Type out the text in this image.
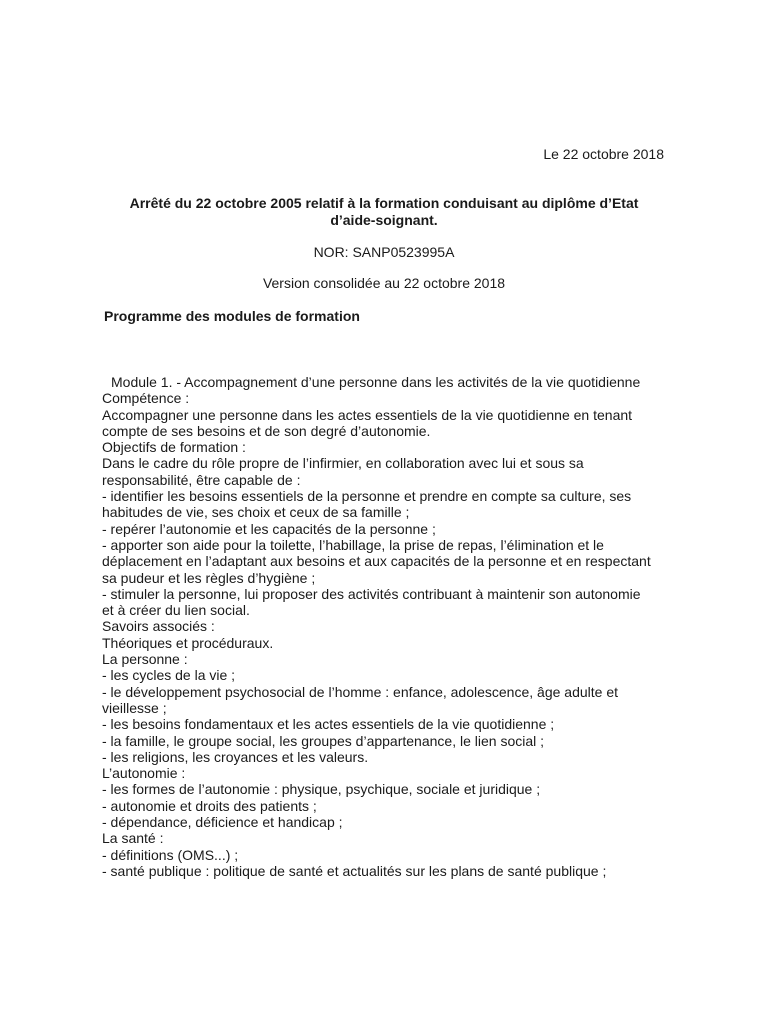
Le 22 octobre 2018
Arrêté du 22 octobre 2005 relatif à la formation conduisant au diplôme d’Etat
d’aide-soignant.
NOR: SANP0523995A
Version consolidée au 22 octobre 2018
Programme des modules de formation
Module 1. - Accompagnement d’une personne dans les activités de la vie quotidienne
Compétence :
Accompagner une personne dans les actes essentiels de la vie quotidienne en tenant
compte de ses besoins et de son degré d’autonomie.
Objectifs de formation :
Dans le cadre du rôle propre de l’infirmier, en collaboration avec lui et sous sa
responsabilité, être capable de :
- identifier les besoins essentiels de la personne et prendre en compte sa culture, ses
habitudes de vie, ses choix et ceux de sa famille ;
- repérer l’autonomie et les capacités de la personne ;
- apporter son aide pour la toilette, l’habillage, la prise de repas, l’élimination et le
déplacement en l’adaptant aux besoins et aux capacités de la personne et en respectant
sa pudeur et les règles d’hygiène ;
- stimuler la personne, lui proposer des activités contribuant à maintenir son autonomie
et à créer du lien social.
Savoirs associés :
Théoriques et procéduraux.
La personne :
- les cycles de la vie ;
- le développement psychosocial de l’homme : enfance, adolescence, âge adulte et
vieillesse ;
- les besoins fondamentaux et les actes essentiels de la vie quotidienne ;
- la famille, le groupe social, les groupes d’appartenance, le lien social ;
- les religions, les croyances et les valeurs.
L’autonomie :
- les formes de l’autonomie : physique, psychique, sociale et juridique ;
- autonomie et droits des patients ;
- dépendance, déficience et handicap ;
La santé :
- définitions (OMS...) ;
- santé publique : politique de santé et actualités sur les plans de santé publique ;
